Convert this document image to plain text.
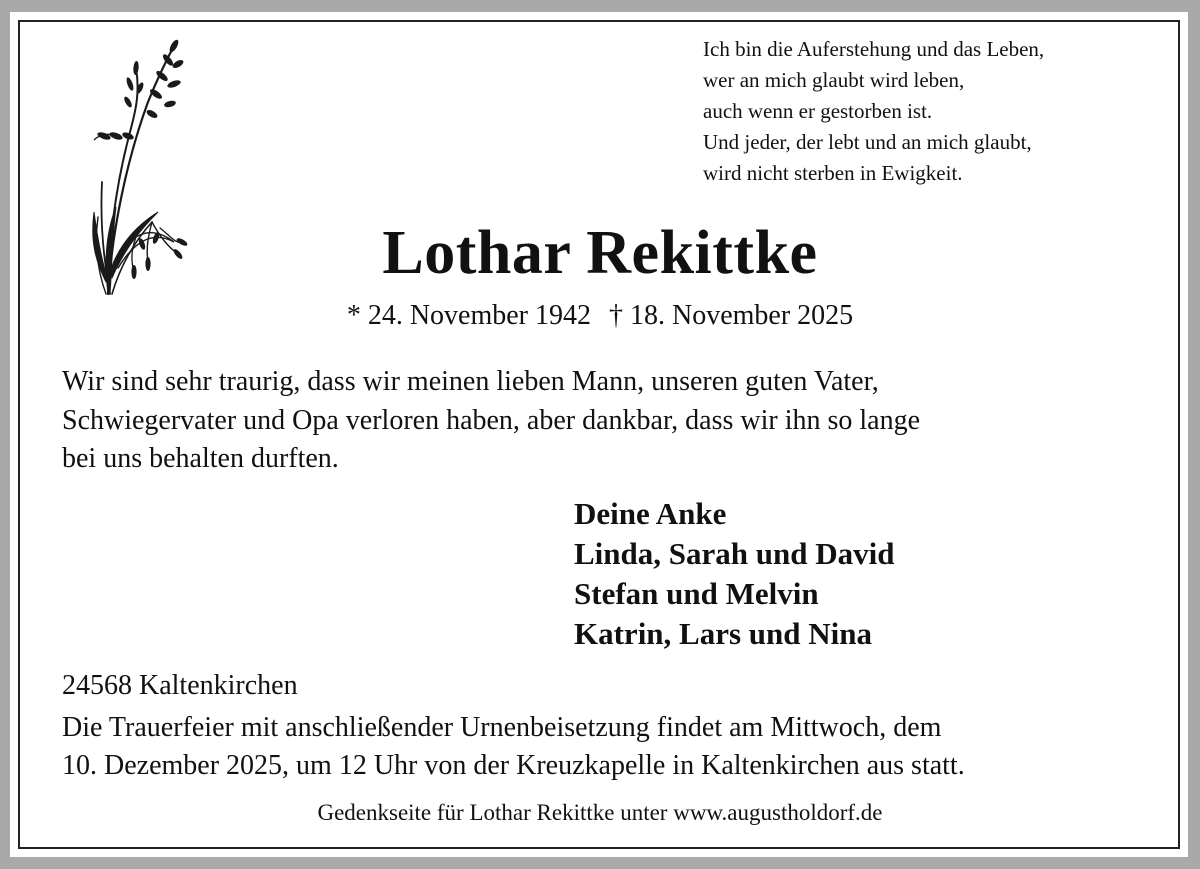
Ich bin die Auferstehung und das Leben,
wer an mich glaubt wird leben,
auch wenn er gestorben ist.
Und jeder, der lebt und an mich glaubt,
wird nicht sterben in Ewigkeit.
Lothar Rekittke
* 24. November 1942 † 18. November 2025
Wir sind sehr traurig, dass wir meinen lieben Mann, unseren guten Vater,
Schwiegervater und Opa verloren haben, aber dankbar, dass wir ihn so lange
bei uns behalten durften.
Deine Anke
Linda, Sarah und David
Stefan und Melvin
Katrin, Lars und Nina
24568 Kaltenkirchen
Die Trauerfeier mit anschließender Urnenbeisetzung findet am Mittwoch, dem
10. Dezember 2025, um 12 Uhr von der Kreuzkapelle in Kaltenkirchen aus statt.
Gedenkseite für Lothar Rekittke unter www.augustholdorf.de
